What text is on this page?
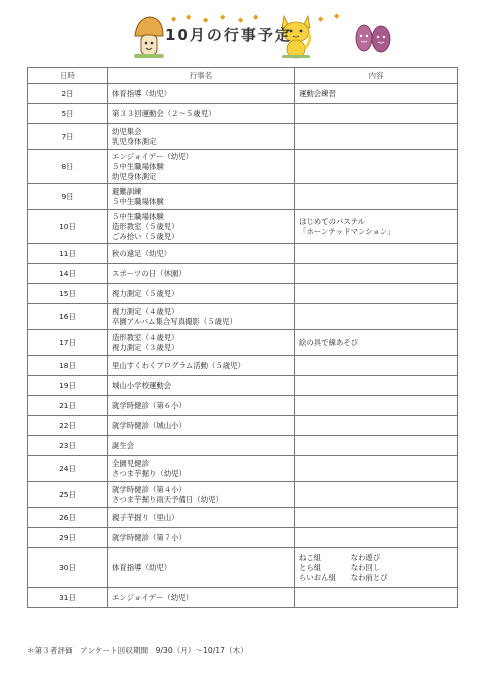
◆ ◆ ◆ ◆ ◆ ◆	◆ ◆
10月の行事予定
日時	行事名	内容
2日	体育指導（幼児）	運動会練習

5日	第３３回運動会（２～５歳児）	

7日	幼児集会
乳児身体測定	

8日	エンジョイデー（幼児）
５中生職場体験
幼児身体測定	

9日	避難訓練
５中生職場体験	

10日	５中生職場体験
造形教室（５歳児）
ごみ拾い（５歳児）	はじめてのパステル
「ホーンテッドマンション」

11日	秋の遠足（幼児）	

14日	スポーツの日（休園）	

15日	視力測定（５歳児）	

16日	視力測定（４歳児）
卒園アルバム集合写真撮影（５歳児）	

17日	造形教室（４歳児）
視力測定（３歳児）	絵の具で線あそび

18日	里山すくわくプログラム活動（５歳児）	

19日	城山小学校運動会	

21日	就学時健診（第６小）	

22日	就学時健診（城山小）	

23日	誕生会	

24日	全園児健診
さつま芋掘り（幼児）	

25日	就学時健診（第４小）
さつま芋掘り雨天予備日（幼児）	

26日	親子芋掘り（里山）	

29日	就学時健診（第７小）	

30日	体育指導（幼児）	ねこ組　　　　なわ遊び
とら組　　　　なわ回し
らいおん組　　なわ前とび

31日	エンジョイデー（幼児）	

＊第３者評価　アンケート回収期間　9/30（月）～10/17（木）
